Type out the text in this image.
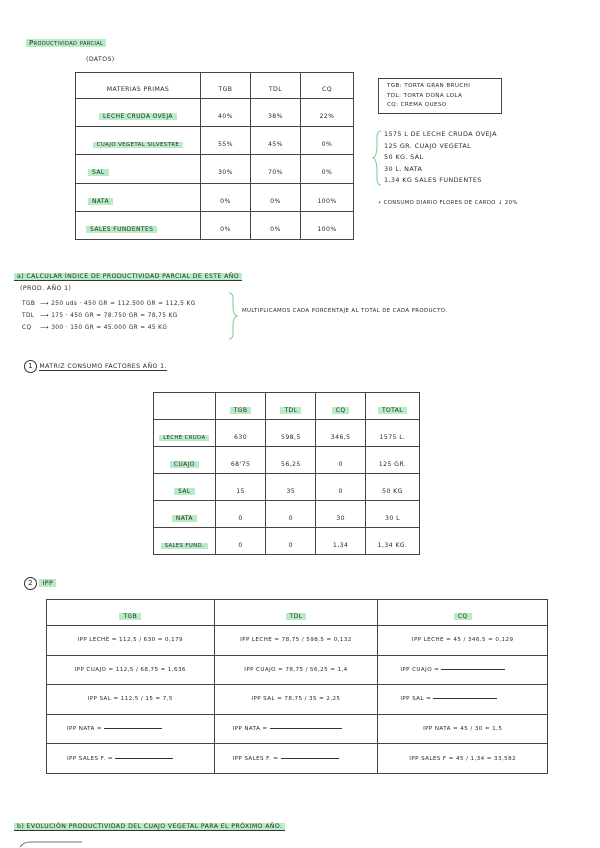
Productividad parcial
(DATOS)
MATERIAS PRIMAS	TGB	TDL	CQ
LECHE CRUDA OVEJA	40%	38%	22%
CUAJO VEGETAL SILVESTRE	55%	45%	0%
SAL	30%	70%	0%
NATA	0%	0%	100%
SALES FUNDENTES	0%	0%	100%
TGB: TORTA GRAN BRUCHI
TDL: TORTA DOÑA LOLA
CQ: CREMA QUESO
1575 L DE LECHE CRUDA OVEJA
125 GR. CUAJO VEGETAL
50 KG. SAL
30 L. NATA
1,34 KG SALES FUNDENTES
• CONSUMO DIARIO FLORES DE CARDO ↓ 20%
a) CALCULAR ÍNDICE DE PRODUCTIVIDAD PARCIAL DE ESTE AÑO
(PROD. AÑO 1)
TGB ⟶ 250 uds · 450 GR = 112.500 GR = 112,5 KG
TDL ⟶ 175 · 450 GR = 78.750 GR = 78,75 KG
CQ ⟶ 300 · 150 GR = 45.000 GR = 45 KG
MULTIPLICAMOS CADA PORCENTAJE AL TOTAL DE CADA PRODUCTO.
1 MATRIZ CONSUMO FACTORES AÑO 1.
	TGB	TDL	CQ	TOTAL
LECHE CRUDA	630	598,5	346,5	1575 L.
CUAJO	68'75	56,25	0	125 GR.
SAL	15	35	0	50 KG
NATA	0	0	30	30 L
SALES FUND.	0	0	1,34	1,34 KG.
2 IPP
TGB	TDL	CQ
IPP LECHE = 112,5 / 630 = 0,179	IPP LECHE = 78,75 / 598,5 = 0,132	IPP LECHE = 45 / 346,5 = 0,129
IPP CUAJO = 112,5 / 68,75 = 1,636	IPP CUAJO = 78,75 / 56,25 = 1,4	IPP CUAJO =
IPP SAL = 112,5 / 15 = 7,5	IPP SAL = 78,75 / 35 = 2,25	IPP SAL =
IPP NATA =	IPP NATA =	IPP NATA = 45 / 30 = 1,5
IPP SALES F. =	IPP SALES F. =	IPP SALES F = 45 / 1,34 = 33,582
b) EVOLUCIÓN PRODUCTIVIDAD DEL CUAJO VEGETAL PARA EL PRÓXIMO AÑO.
